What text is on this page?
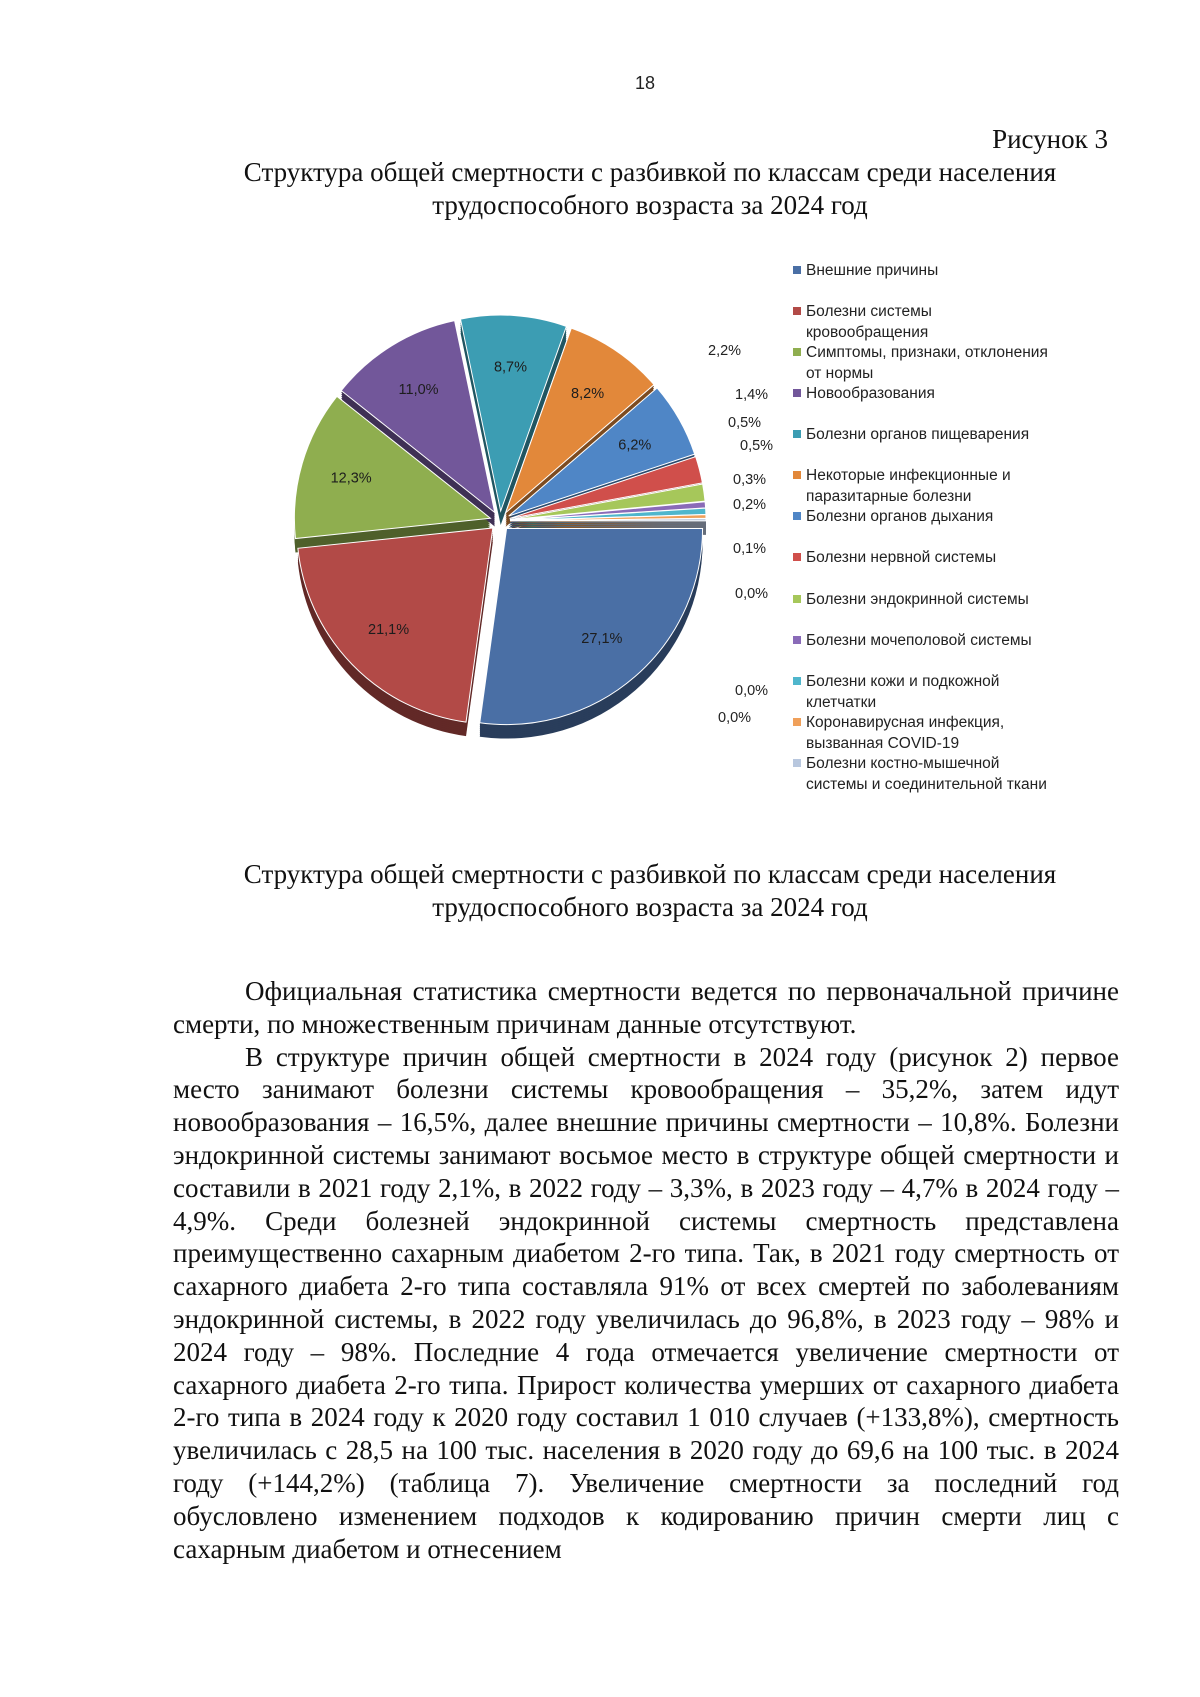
18
Рисунок 3
Структура общей смертности с разбивкой по классам среди населения трудоспособного возраста за 2024 год
27,1%
21,1%
12,3%
11,0%
8,7%
8,2%
6,2%
Внешние причины
Болезни системы
кровообращения
Симптомы, признаки, отклонения
от нормы
Новообразования
Болезни органов пищеварения
Некоторые инфекционные и
паразитарные болезни
Болезни органов дыхания
Болезни нервной системы
Болезни эндокринной системы
Болезни мочеполовой системы
Болезни кожи и подкожной
клетчатки
Коронавирусная инфекция,
вызванная COVID-19
Болезни костно-мышечной
системы и соединительной ткани
2,2%
1,4%
0,5%
0,5%
0,3%
0,2%
0,1%
0,0%
0,0%
0,0%
Структура общей смертности с разбивкой по классам среди населения трудоспособного возраста за 2024 год

Официальная статистика смертности ведется по первоначальной причине смерти, по множественным причинам данные отсутствуют.

В структуре причин общей смертности в 2024 году (рисунок 2) первое место занимают болезни системы кровообращения – 35,2%, затем идут новообразования – 16,5%, далее внешние причины смертности – 10,8%. Болезни эндокринной системы занимают восьмое место в структуре общей смертности и составили в 2021 году 2,1%, в 2022 году – 3,3%, в 2023 году – 4,7% в 2024 году – 4,9%. Среди болезней эндокринной системы смертность представлена преимущественно сахарным диабетом 2-го типа. Так, в 2021 году смертность от сахарного диабета 2-го типа составляла 91% от всех смертей по заболеваниям эндокринной системы, в 2022 году увеличилась до 96,8%, в 2023 году – 98% и 2024 году – 98%. Последние 4 года отмечается увеличение смертности от сахарного диабета 2-го типа. Прирост количества умерших от сахарного диабета 2-го типа в 2024 году к 2020 году составил 1 010 случаев (+133,8%), смертность увеличилась с 28,5 на 100 тыс. населения в 2020 году до 69,6 на 100 тыс. в 2024 году (+144,2%) (таблица 7). Увеличение смертности за последний год обусловлено изменением подходов к кодированию причин смерти лиц с сахарным диабетом и отнесением
